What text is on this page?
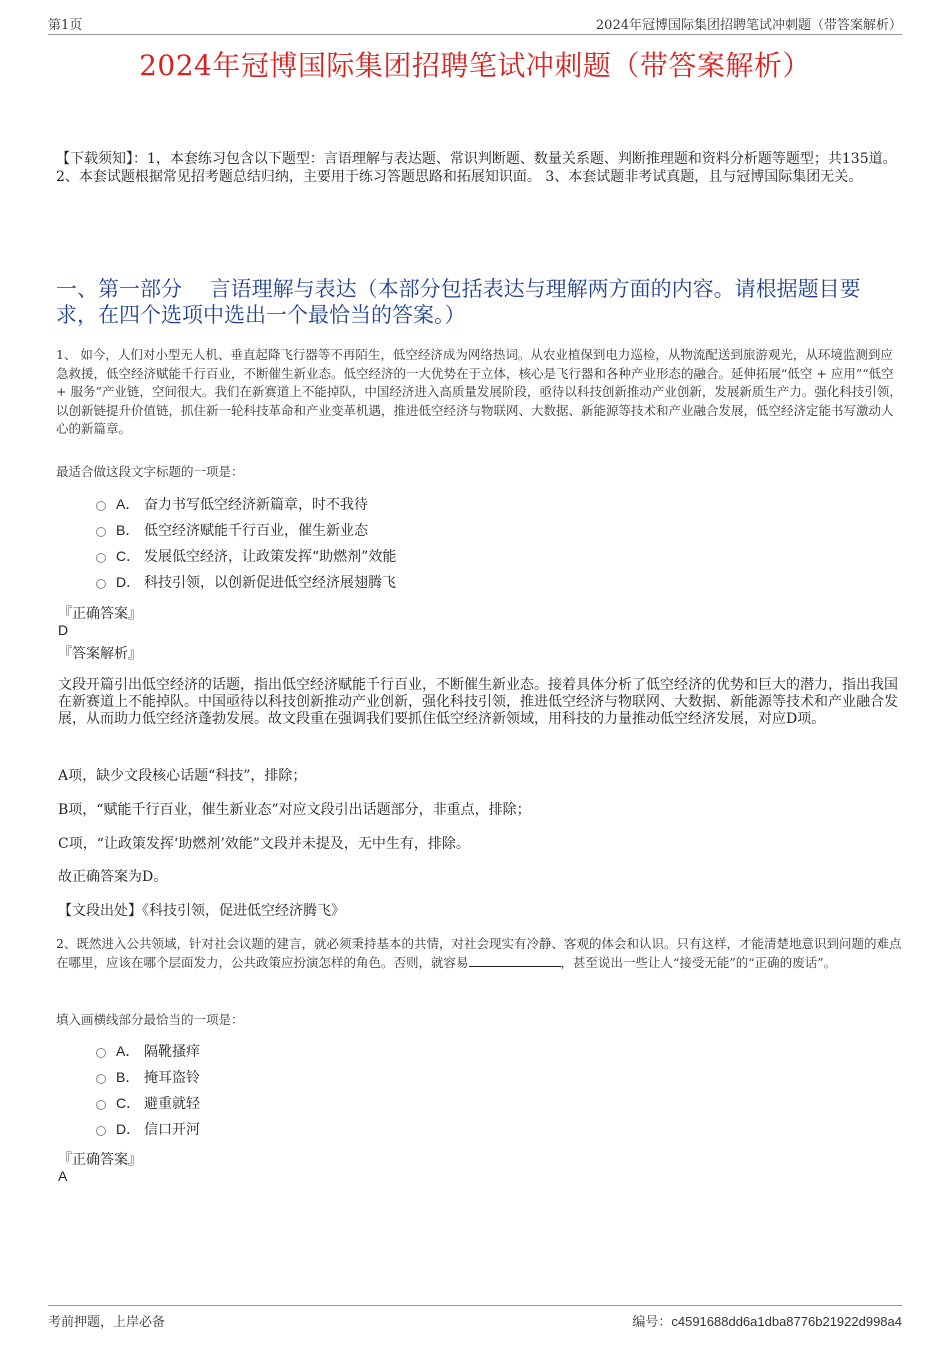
第1页	2024年冠博国际集团招聘笔试冲刺题（带答案解析）
2024年冠博国际集团招聘笔试冲刺题（带答案解析）
【下载须知】：1，本套练习包含以下题型：言语理解与表达题、常识判断题、数量关系题、判断推理题和资料分析题等题型；共135道。 2、本套试题根据常见招考题总结归纳，主要用于练习答题思路和拓展知识面。 3、本套试题非考试真题，且与冠博国际集团无关。
一、第一部分　 言语理解与表达（本部分包括表达与理解两方面的内容。请根据题目要求，在四个选项中选出一个最恰当的答案。）
1、 如今，人们对小型无人机、垂直起降飞行器等不再陌生，低空经济成为网络热词。从农业植保到电力巡检，从物流配送到旅游观光，从环境监测到应急救援，低空经济赋能千行百业，不断催生新业态。低空经济的一大优势在于立体，核心是飞行器和各种产业形态的融合。延伸拓展“低空 + 应用”“低空 + 服务”产业链，空间很大。我们在新赛道上不能掉队，中国经济进入高质量发展阶段，亟待以科技创新推动产业创新，发展新质生产力。强化科技引领，以创新链提升价值链，抓住新一轮科技革命和产业变革机遇，推进低空经济与物联网、大数据、新能源等技术和产业融合发展，低空经济定能书写激动人心的新篇章。
最适合做这段文字标题的一项是：
A． 奋力书写低空经济新篇章，时不我待
B． 低空经济赋能千行百业，催生新业态
C． 发展低空经济，让政策发挥“助燃剂”效能
D． 科技引领，以创新促进低空经济展翅腾飞
『正确答案』
D
『答案解析』
文段开篇引出低空经济的话题，指出低空经济赋能千行百业，不断催生新业态。接着具体分析了低空经济的优势和巨大的潜力，指出我国在新赛道上不能掉队。中国亟待以科技创新推动产业创新，强化科技引领，推进低空经济与物联网、大数据、新能源等技术和产业融合发展，从而助力低空经济蓬勃发展。故文段重在强调我们要抓住低空经济新领域，用科技的力量推动低空经济发展，对应D项。
A项，缺少文段核心话题“科技”，排除；
B项，“赋能千行百业，催生新业态”对应文段引出话题部分，非重点，排除；
C项，“让政策发挥‘助燃剂’效能”文段并未提及，无中生有，排除。
故正确答案为D。
【文段出处】《科技引领，促进低空经济腾飞》
2、既然进入公共领域，针对社会议题的建言，就必须秉持基本的共情，对社会现实有冷静、客观的体会和认识。只有这样，才能清楚地意识到问题的难点在哪里，应该在哪个层面发力，公共政策应扮演怎样的角色。否则，就容易	，甚至说出一些让人“接受无能”的“正确的废话”。
填入画横线部分最恰当的一项是：
A． 隔靴搔痒
B． 掩耳盗铃
C． 避重就轻
D． 信口开河
『正确答案』
A
考前押题，上岸必备	编号：c4591688dd6a1dba8776b21922d998a4
